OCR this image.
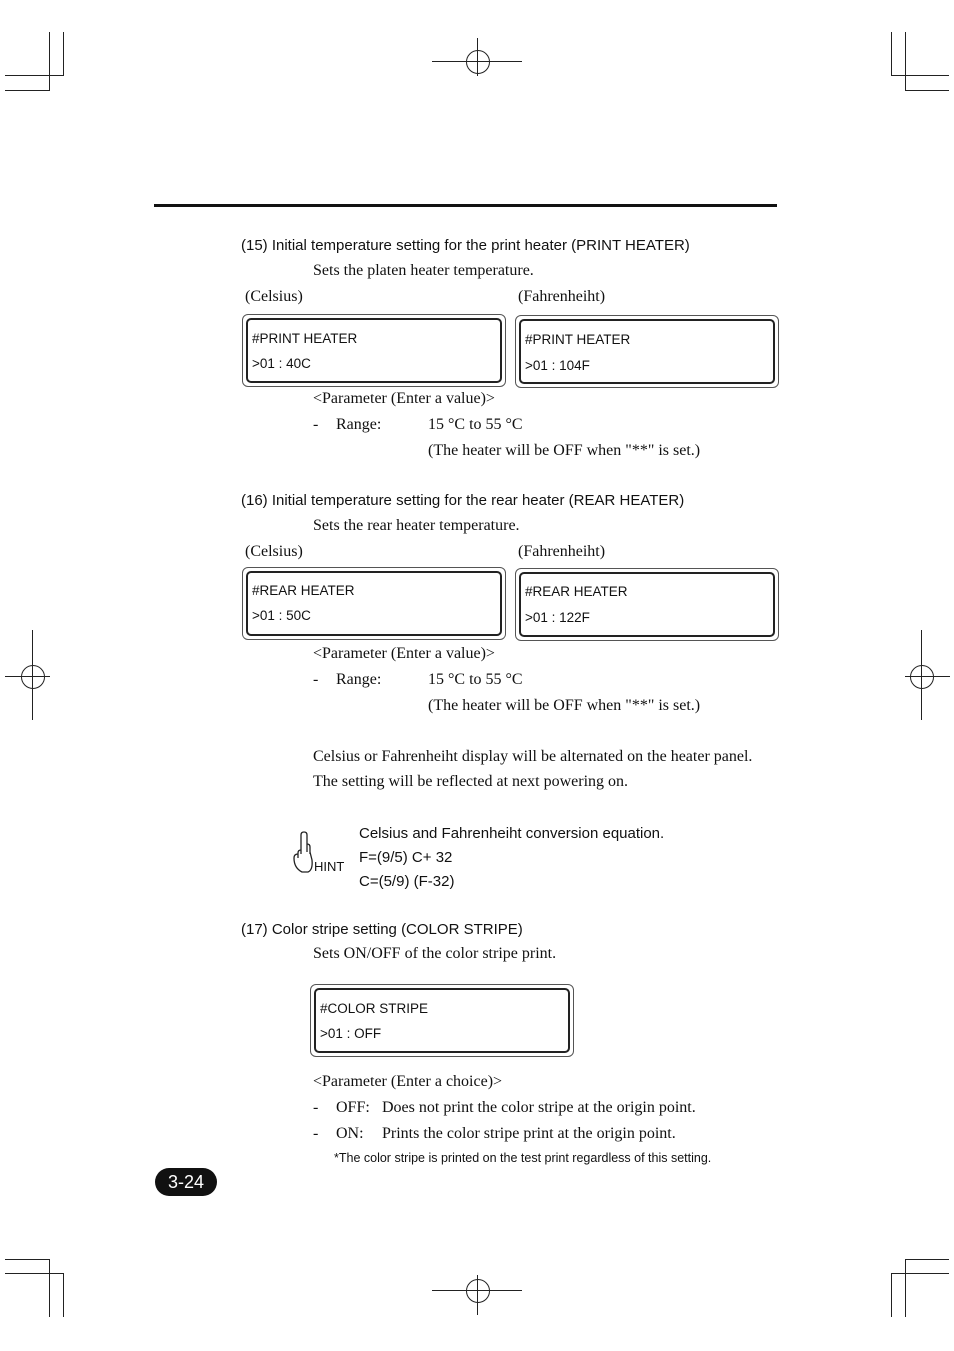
(15) Initial temperature setting for the print heater (PRINT HEATER)
Sets the platen heater temperature.
(Celsius)	(Fahrenheiht)
#PRINT HEATER
>01 : 40C
#PRINT HEATER
>01 : 104F
<Parameter (Enter a value)>
- Range:	15 °C to 55 °C
(The heater will be OFF when "**" is set.)
(16) Initial temperature setting for the rear heater (REAR HEATER)
Sets the rear heater temperature.
(Celsius)	(Fahrenheiht)
#REAR HEATER
>01 : 50C
#REAR HEATER
>01 : 122F
<Parameter (Enter a value)>
- Range:	15 °C to 55 °C
(The heater will be OFF when "**" is set.)
Celsius or Fahrenheiht display will be alternated on the heater panel.
The setting will be reflected at next powering on.
HINT
Celsius and Fahrenheiht conversion equation.
F=(9/5) C+ 32
C=(5/9) (F-32)
(17) Color stripe setting (COLOR STRIPE)
Sets ON/OFF of the color stripe print.
#COLOR STRIPE
>01 : OFF
<Parameter (Enter a choice)>
- OFF: Does not print the color stripe at the origin point.
- ON: Prints the color stripe print at the origin point.
*The color stripe is printed on the test print regardless of this setting.
3-24
